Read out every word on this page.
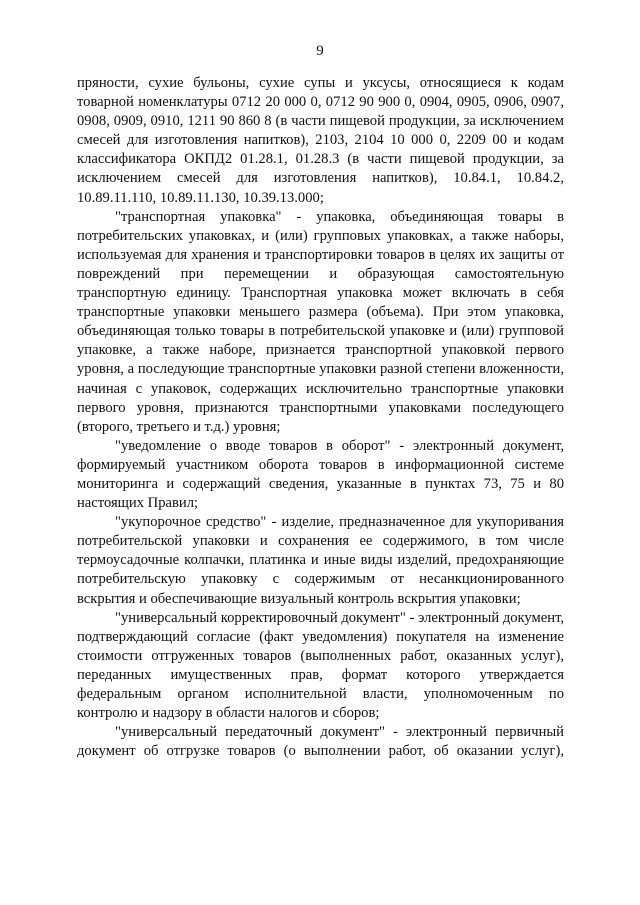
9

пряности, сухие бульоны, сухие супы и уксусы, относящиеся к кодам товарной номенклатуры 0712 20 000 0, 0712 90 900 0, 0904, 0905, 0906, 0907, 0908, 0909, 0910, 1211 90 860 8 (в части пищевой продукции, за исключением смесей для изготовления напитков), 2103, 2104 10 000 0, 2209 00 и кодам классификатора ОКПД2 01.28.1, 01.28.3 (в части пищевой продукции, за исключением смесей для изготовления напитков), 10.84.1, 10.84.2, 10.89.11.110, 10.89.11.130, 10.39.13.000;

"транспортная упаковка" - упаковка, объединяющая товары в потребительских упаковках, и (или) групповых упаковках, а также наборы, используемая для хранения и транспортировки товаров в целях их защиты от повреждений при перемещении и образующая самостоятельную транспортную единицу. Транспортная упаковка может включать в себя транспортные упаковки меньшего размера (объема). При этом упаковка, объединяющая только товары в потребительской упаковке и (или) групповой упаковке, а также наборе, признается транспортной упаковкой первого уровня, а последующие транспортные упаковки разной степени вложенности, начиная с упаковок, содержащих исключительно транспортные упаковки первого уровня, признаются транспортными упаковками последующего (второго, третьего и т.д.) уровня;

"уведомление о вводе товаров в оборот" - электронный документ, формируемый участником оборота товаров в информационной системе мониторинга и содержащий сведения, указанные в пунктах 73, 75 и 80 настоящих Правил;

"укупорочное средство" - изделие, предназначенное для укупоривания потребительской упаковки и сохранения ее содержимого, в том числе термоусадочные колпачки, платинка и иные виды изделий, предохраняющие потребительскую упаковку с содержимым от несанкционированного вскрытия и обеспечивающие визуальный контроль вскрытия упаковки;

"универсальный корректировочный документ" - электронный документ, подтверждающий согласие (факт уведомления) покупателя на изменение стоимости отгруженных товаров (выполненных работ, оказанных услуг), переданных имущественных прав, формат которого утверждается федеральным органом исполнительной власти, уполномоченным по контролю и надзору в области налогов и сборов;

"универсальный передаточный документ" - электронный первичный документ об отгрузке товаров (о выполнении работ, об оказании услуг),
